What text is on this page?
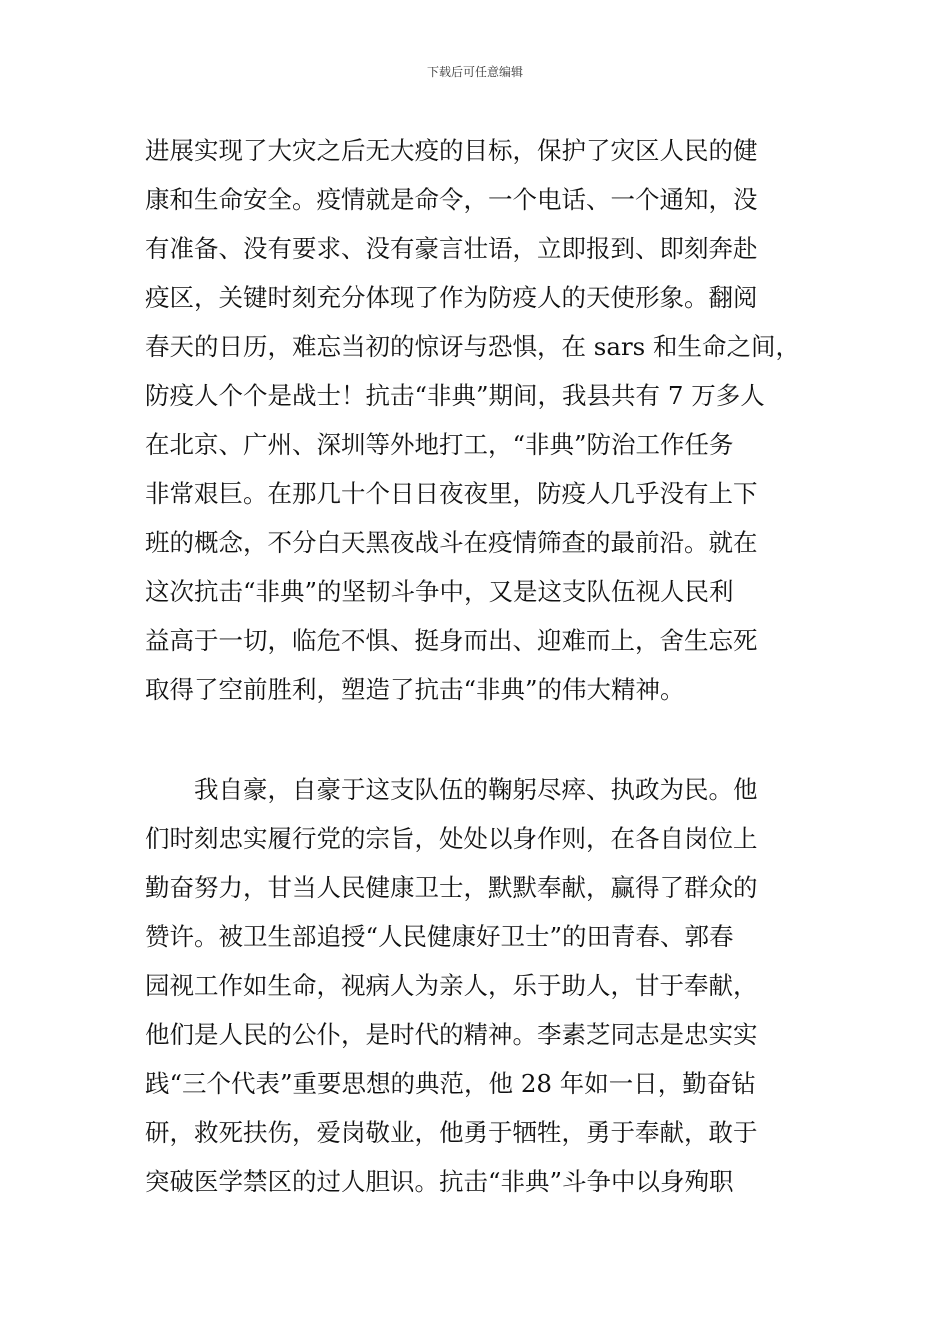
下载后可任意编辑
进展实现了大灾之后无大疫的目标，保护了灾区人民的健
康和生命安全。疫情就是命令，一个电话、一个通知，没
有准备、没有要求、没有豪言壮语，立即报到、即刻奔赴
疫区，关键时刻充分体现了作为防疫人的天使形象。翻阅
春天的日历，难忘当初的惊讶与恐惧，在 sars 和生命之间，
防疫人个个是战士！抗击“非典”期间，我县共有 7 万多人
在北京、广州、深圳等外地打工，“非典”防治工作任务
非常艰巨。在那几十个日日夜夜里，防疫人几乎没有上下
班的概念，不分白天黑夜战斗在疫情筛查的最前沿。就在
这次抗击“非典”的坚韧斗争中，又是这支队伍视人民利
益高于一切，临危不惧、挺身而出、迎难而上，舍生忘死
取得了空前胜利，塑造了抗击“非典”的伟大精神。
　　我自豪，自豪于这支队伍的鞠躬尽瘁、执政为民。他
们时刻忠实履行党的宗旨，处处以身作则，在各自岗位上
勤奋努力，甘当人民健康卫士，默默奉献，赢得了群众的
赞许。被卫生部追授“人民健康好卫士”的田青春、郭春
园视工作如生命，视病人为亲人，乐于助人，甘于奉献，
他们是人民的公仆，是时代的精神。李素芝同志是忠实实
践“三个代表”重要思想的典范，他 28 年如一日，勤奋钻
研，救死扶伤，爱岗敬业，他勇于牺牲，勇于奉献，敢于
突破医学禁区的过人胆识。抗击“非典”斗争中以身殉职
